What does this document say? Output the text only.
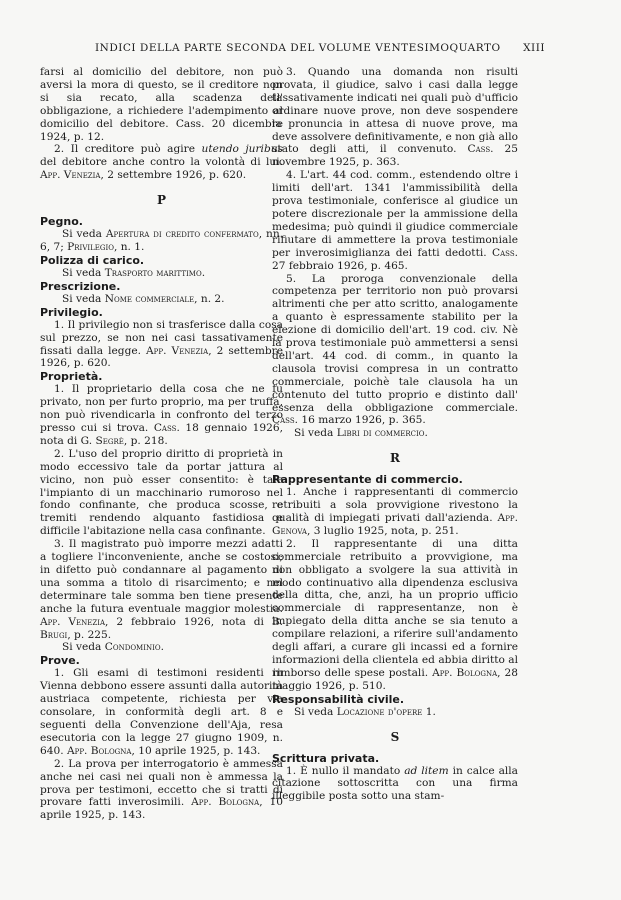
INDICI DELLA PARTE SECONDA DEL VOLUME VENTESIMOQUARTO XIII

farsi al domicilio del debitore, non può aversi la mora di questo, se il creditore non si sia recato, alla scadenza dell' obbligazione, a richiedere l'adempimento al domicilio del debitore. Cass. 20 dicembre 1924, p. 12.

2. Il creditore può agire utendo juribus del debitore anche contro la volontà di lui. App. Venezia, 2 settembre 1926, p. 620.

P
Pegno.

Si veda Apertura di credito confermato, nn. 6, 7; Privilegio, n. 1.

Polizza di carico.

Si veda Trasporto marittimo.

Prescrizione.

Si veda Nome commerciale, n. 2.

Privilegio.

1. Il privilegio non si trasferisce dalla cosa sul prezzo, se non nei casi tassativamente fissati dalla legge. App. Venezia, 2 settembre 1926, p. 620.

Proprietà.

1. Il proprietario della cosa che ne fu privato, non per furto proprio, ma per truffa, non può rivendicarla in confronto del terzo presso cui si trova. Cass. 18 gennaio 1926, nota di G. Segrè, p. 218.

2. L'uso del proprio diritto di proprietà in modo eccessivo tale da portar jattura al vicino, non può esser consentito: è tale l'impianto di un macchinario rumoroso nel fondo confinante, che produca scosse, e tremiti rendendo alquanto fastidiosa e difficile l'abitazione nella casa confinante.

3. Il magistrato può imporre mezzi adatti a togliere l'inconveniente, anche se costosi; in difetto può condannare al pagamento di una somma a titolo di risarcimento; e nel determinare tale somma ben tiene presente anche la futura eventuale maggior molestia. App. Venezia, 2 febbraio 1926, nota di B. Brugi, p. 225.

Si veda Condominio.

Prove.

1. Gli esami di testimoni residenti in Vienna debbono essere assunti dalla autorità austriaca competente, richiesta per via consolare, in conformità degli art. 8 e seguenti della Convenzione dell'Aja, resa esecutoria con la legge 27 giugno 1909, n. 640. App. Bologna, 10 aprile 1925, p. 143.

2. La prova per interrogatorio è ammessa anche nei casi nei quali non è ammessa la prova per testimoni, eccetto che si tratti di provare fatti inverosimili. App. Bologna, 10 aprile 1925, p. 143.

3. Quando una domanda non risulti provata, il giudice, salvo i casi dalla legge tassativamente indicati nei quali può d'ufficio ordinare nuove prove, non deve sospendere la pronuncia in attesa di nuove prove, ma deve assolvere definitivamente, e non già allo stato degli atti, il convenuto. Cass. 25 novembre 1925, p. 363.

4. L'art. 44 cod. comm., estendendo oltre i limiti dell'art. 1341 l'ammissibilità della prova testimoniale, conferisce al giudice un potere discrezionale per la ammissione della medesima; può quindi il giudice commerciale rifiutare di ammettere la prova testimoniale per inverosimiglianza dei fatti dedotti. Cass. 27 febbraio 1926, p. 465.

5. La proroga convenzionale della competenza per territorio non può provarsi altrimenti che per atto scritto, analogamente a quanto è espressamente stabilito per la elezione di domicilio dell'art. 19 cod. civ. Nè la prova testimoniale può ammettersi a sensi dell'art. 44 cod. di comm., in quanto la clausola trovisi compresa in un contratto commerciale, poichè tale clausola ha un contenuto del tutto proprio e distinto dall' essenza della obbligazione commerciale. Cass. 16 marzo 1926, p. 365.

Si veda Libri di commercio.

R
Rappresentante di commercio.

1. Anche i rappresentanti di commercio retribuiti a sola provvigione rivestono la qualità di impiegati privati dall'azienda. App. Genova, 3 luglio 1925, nota, p. 251.

2. Il rappresentante di una ditta commerciale retribuito a provvigione, ma non obbligato a svolgere la sua attività in modo continuativo alla dipendenza esclusiva della ditta, che, anzi, ha un proprio ufficio commerciale di rappresentanze, non è impiegato della ditta anche se sia tenuto a compilare relazioni, a riferire sull'andamento degli affari, a curare gli incassi ed a fornire informazioni della clientela ed abbia diritto al rimborso delle spese postali. App. Bologna, 28 maggio 1926, p. 510.

Responsabilità civile.

Si veda Locazione d'opere 1.

S
Scrittura privata.

1. È nullo il mandato ad litem in calce alla citazione sottoscritta con una firma illeggibile posta sotto una stam-
